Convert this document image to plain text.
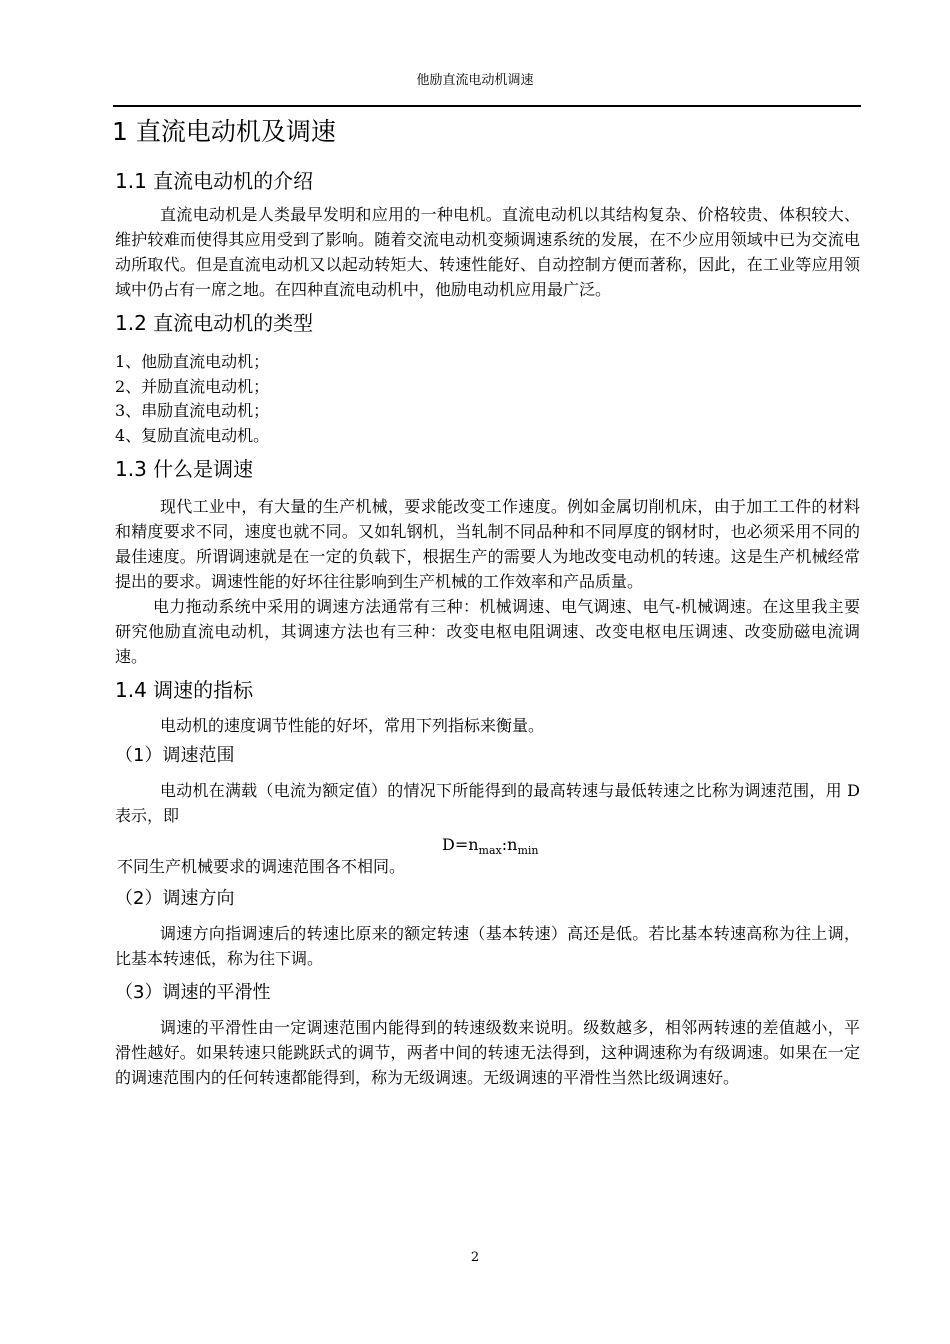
他励直流电动机调速
1 直流电动机及调速
1.1 直流电动机的介绍

直流电动机是人类最早发明和应用的一种电机。直流电动机以其结构复杂、价格较贵、体积较大、维护较难而使得其应用受到了影响。随着交流电动机变频调速系统的发展，在不少应用领域中已为交流电动所取代。但是直流电动机又以起动转矩大、转速性能好、自动控制方便而著称，因此，在工业等应用领域中仍占有一席之地。在四种直流电动机中，他励电动机应用最广泛。

1.2 直流电动机的类型
1、他励直流电动机；
2、并励直流电动机；
3、串励直流电动机；
4、复励直流电动机。
1.3 什么是调速

现代工业中，有大量的生产机械，要求能改变工作速度。例如金属切削机床，由于加工工件的材料和精度要求不同，速度也就不同。又如轧钢机，当轧制不同品种和不同厚度的钢材时，也必须采用不同的最佳速度。所谓调速就是在一定的负载下，根据生产的需要人为地改变电动机的转速。这是生产机械经常提出的要求。调速性能的好坏往往影响到生产机械的工作效率和产品质量。

电力拖动系统中采用的调速方法通常有三种：机械调速、电气调速、电气-机械调速。在这里我主要研究他励直流电动机，其调速方法也有三种：改变电枢电阻调速、改变电枢电压调速、改变励磁电流调速。

1.4 调速的指标

电动机的速度调节性能的好坏，常用下列指标来衡量。

（1）调速范围

电动机在满载（电流为额定值）的情况下所能得到的最高转速与最低转速之比称为调速范围，用 D 表示，即

$D=n_{max}:n_{min}$

不同生产机械要求的调速范围各不相同。

（2）调速方向

调速方向指调速后的转速比原来的额定转速（基本转速）高还是低。若比基本转速高称为往上调，比基本转速低，称为往下调。

（3）调速的平滑性

调速的平滑性由一定调速范围内能得到的转速级数来说明。级数越多，相邻两转速的差值越小，平滑性越好。如果转速只能跳跃式的调节，两者中间的转速无法得到，这种调速称为有级调速。如果在一定的调速范围内的任何转速都能得到，称为无级调速。无级调速的平滑性当然比级调速好。

2
